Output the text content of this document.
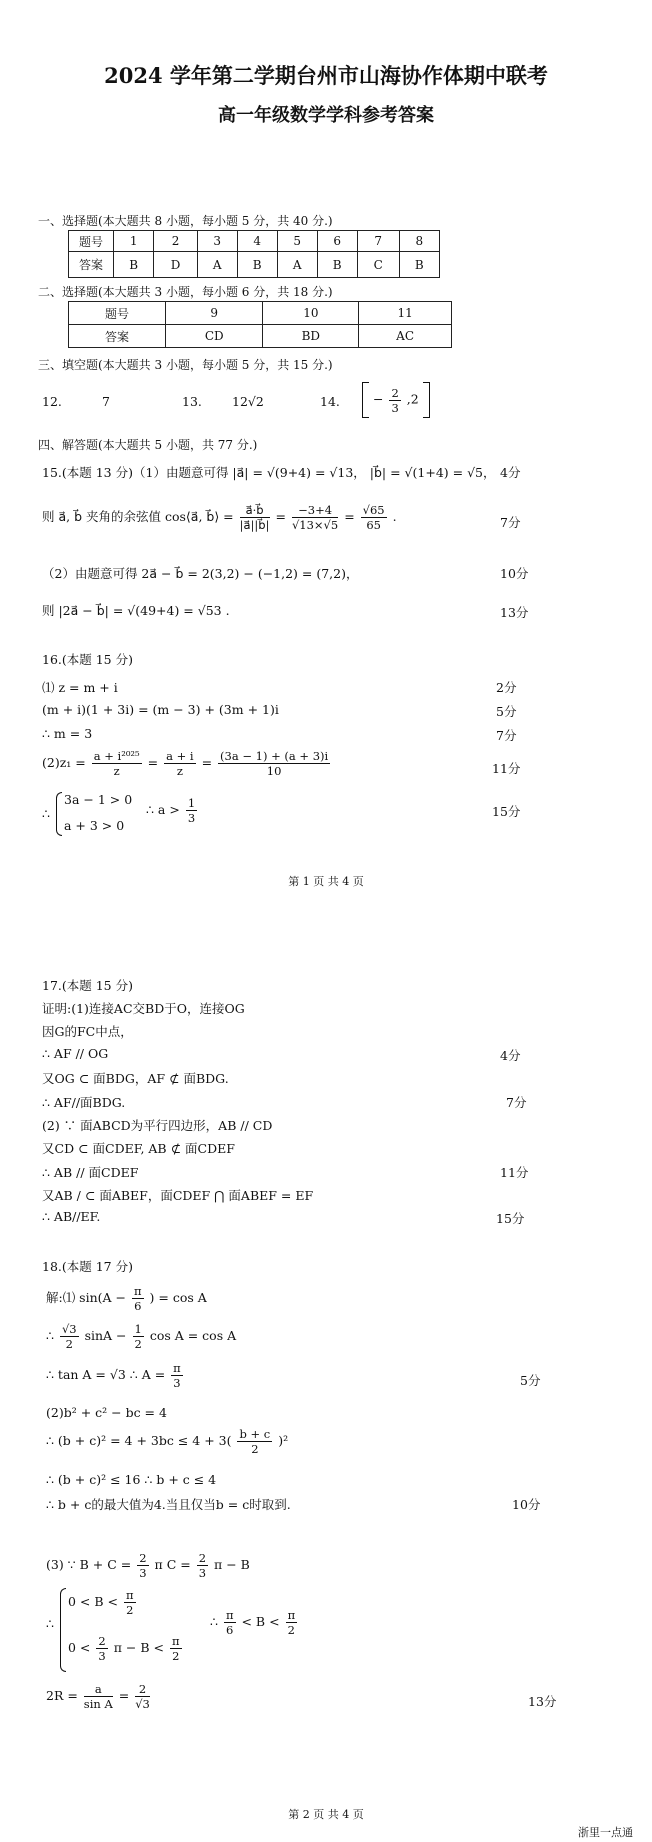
2024 学年第二学期台州市山海协作体期中联考
高一年级数学学科参考答案
一、选择题(本大题共 8 小题，每小题 5 分，共 40 分.)
题号	1	2	3	4	5	6	7	8
答案	B	D	A	B	A	B	C	B
二、选择题(本大题共 3 小题，每小题 6 分，共 18 分.)
题号	9	10	11
答案	CD	BD	AC
三、填空题(本大题共 3 小题，每小题 5 分，共 15 分.)
12.	7	13. 12√2	14.	− $\frac{2}{3} ,2$
四、解答题(本大题共 5 小题，共 77 分.)
15.(本题 13 分)（1）由题意可得 |a⃗| = √(9+4) = √13， |b⃗| = √(1+4) = √5， 4分
则 a⃗, b⃗ 夹角的余弦值 cos⟨a⃗, b⃗⟩ = $\frac{a⃗\cdot b⃗}{|a⃗||b⃗|} = \frac{-3+4}{√13\times√5} = \frac{√65}{65}$ .	7分
（2）由题意可得 2a⃗ − b⃗ = 2(3,2) − (−1,2) = (7,2)，	10分
则 |2a⃗ − b⃗| = √(49+4) = √53 .	13分
16.(本题 15 分)
⑴ z = m + i	2分
(m + i)(1 + 3i) = (m − 3) + (3m + 1)i	5分
∴ m = 3	7分
$(2)z_1 = \frac{\text{a + i²⁰²⁵}}{z} = \frac{a + i}{z} = \frac{(3a - 1) + (a + 3)i}{10}$	11分
∴
3a − 1 > 0
a + 3 > 0
∴ $a > \frac{1}{3}$	15分
第 1 页 共 4 页
17.(本题 15 分)
证明:(1)连接AC交BD于O，连接OG
因G的FC中点，
∴ AF // OG	4分
又OG ⊂ 面BDG，AF ⊄ 面BDG.
∴ AF//面BDG.	7分
(2) ∵ 面ABCD为平行四边形，AB // CD
又CD ⊂ 面CDEF, AB ⊄ 面CDEF
∴ AB // 面CDEF	11分
又AB / ⊂ 面ABEF，面CDEF ⋂ 面ABEF = EF
∴ AB//EF.	15分
18.(本题 17 分)
解:⑴ $\sin(A - \frac{\pi}{6}$ ) = cos A
∴ $\frac{√3}{2}$ $\sin A - \frac{1}{2}$ cos A = cos A
∴ tan A = √3 ∴ $A = \frac{\pi}{3}$	5分
(2)b² + c² − bc = 4
∴ $(b + c)^2 = 4 + 3bc \le 4 + 3( \frac{b + c}{2} )^2$
∴ (b + c)² ≤ 16 ∴ b + c ≤ 4
∴ b + c的最大值为4.当且仅当b = c时取到.	10分
(3) ∵ $B + C = \frac{2}{3}$ π $C = \frac{2}{3}$ π − B
∴
$0 < B < \frac{\pi}{2}$
$0 < \frac{2}{3}$ $\pi - B < \frac{\pi}{2}$
∴ $\frac{\pi}{6} < B < \frac{\pi}{2}$
$2R = \frac{a}{\text{sin A}} = \frac{2}{√3}$	13分
第 2 页 共 4 页
浙里一点通
